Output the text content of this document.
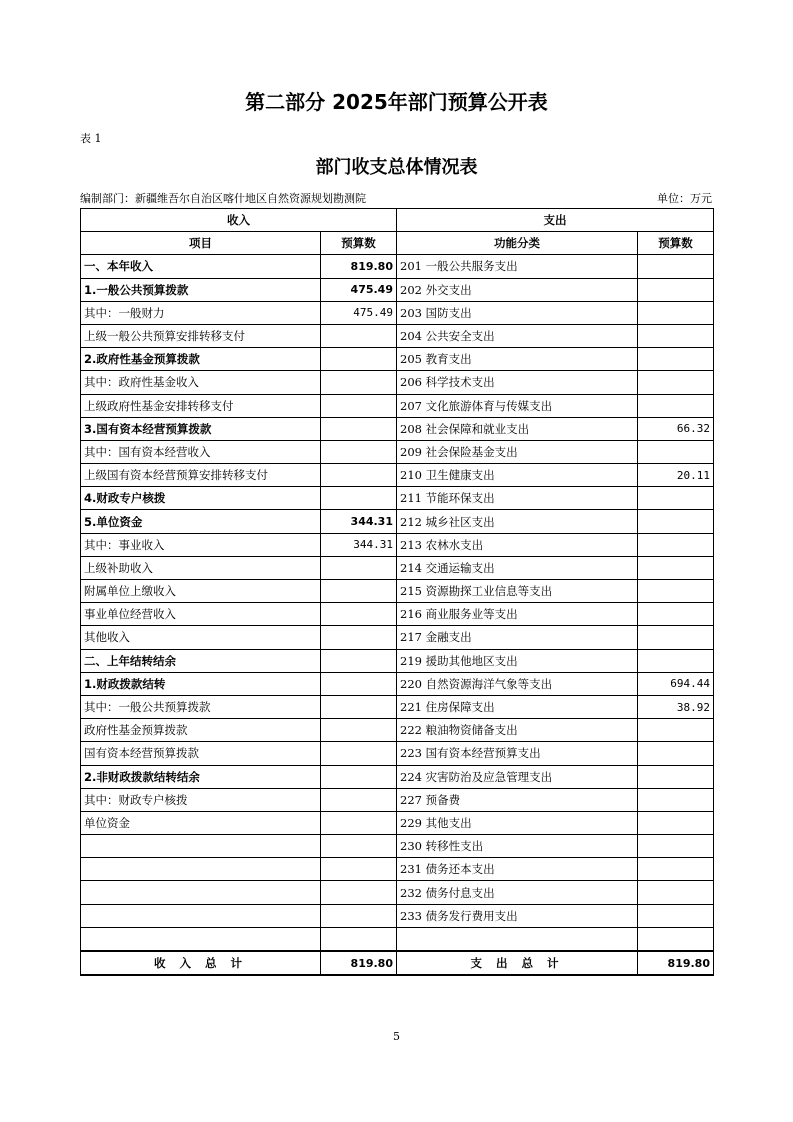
第二部分 2025年部门预算公开表
表 1
部门收支总体情况表
编制部门：新疆维吾尔自治区喀什地区自然资源规划勘测院	单位：万元
收入		支出	
项目	预算数	功能分类	预算数
一、本年收入	819.80	201 一般公共服务支出	
1.一般公共预算拨款	475.49	202 外交支出	
其中：一般财力	475.49	203 国防支出	
上级一般公共预算安排转移支付		204 公共安全支出	
2.政府性基金预算拨款		205 教育支出	
其中：政府性基金收入		206 科学技术支出	
上级政府性基金安排转移支付		207 文化旅游体育与传媒支出	
3.国有资本经营预算拨款		208 社会保障和就业支出	66.32
其中：国有资本经营收入		209 社会保险基金支出	
上级国有资本经营预算安排转移支付		210 卫生健康支出	20.11
4.财政专户核拨		211 节能环保支出	
5.单位资金	344.31	212 城乡社区支出	
其中：事业收入	344.31	213 农林水支出	
上级补助收入		214 交通运输支出	
附属单位上缴收入		215 资源勘探工业信息等支出	
事业单位经营收入		216 商业服务业等支出	
其他收入		217 金融支出	
二、上年结转结余		219 援助其他地区支出	
1.财政拨款结转		220 自然资源海洋气象等支出	694.44
其中：一般公共预算拨款		221 住房保障支出	38.92
政府性基金预算拨款		222 粮油物资储备支出	
国有资本经营预算拨款		223 国有资本经营预算支出	
2.非财政拨款结转结余		224 灾害防治及应急管理支出	
其中：财政专户核拨		227 预备费	
单位资金		229 其他支出	
		230 转移性支出	
		231 债务还本支出	
		232 债务付息支出	
		233 债务发行费用支出	

收 入 总 计	819.80	支 出 总 计	819.80
5
